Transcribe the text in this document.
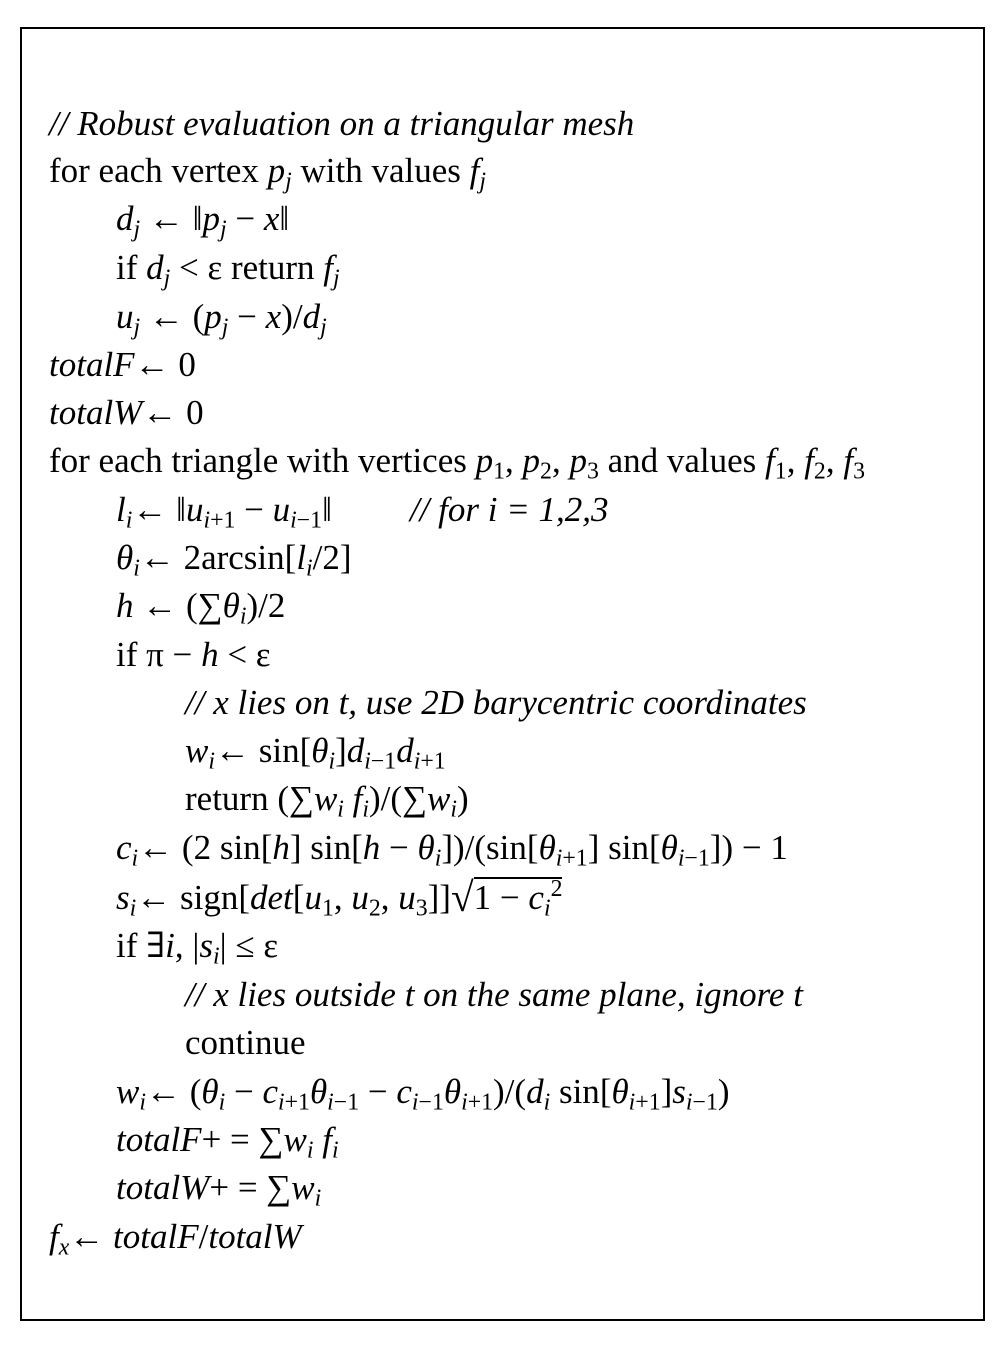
// Robust evaluation on a triangular mesh
for each vertex $p_j$ with values $f_j$
$d_j$ ← $‖p_j$ − x‖
if $d_j < \varepsilon$ return $f_j$
$u_j$ ← $(p_j - x)/d_j$
totalF← 0
totalW← 0
for each triangle with vertices $p_1$, $p_2$, $p_3$ and values $f_1$, $f_2$, $f_3$
$l_i\leftarrow$ $‖u_{i+1}$ − $u_{i-1}‖$ // for i = 1,2,3
$\theta_i\leftarrow$ $2\arcsin[l_i/2]$
h ← $(\sum\theta_i)/2$
if π − h < ε
// x lies on t, use 2D barycentric coordinates
$w_i\leftarrow$ $\sin[\theta_i]d_{i-1}d_{i+1}$
return ($\sum w_i$ $f_i)/(\sum w_i)$
$c_i\leftarrow$ (2 sin[h] $\sin[h - \theta_i])/(\sin[\theta_{i+1}]$ $\sin[\theta_{i-1}]) - 1$
$s_i\leftarrow$ $sign[\det[u_1$, $u_2$, $u_3]]√1 - c_i^2$
if ∃i, $|s_i| \le \varepsilon$
// x lies outside t on the same plane, ignore t
continue
$w_i\leftarrow$ $(\theta_i - c_{i+1}\theta_{i-1} - c_{i-1}\theta_{i+1})/(d_i$ $\sin[\theta_{i+1}]s_{i-1}$)
totalF+ = $\sum w_i$ $f_i$
totalW+ = $\sum w_i$
$f_x\leftarrow$ totalF/totalW
